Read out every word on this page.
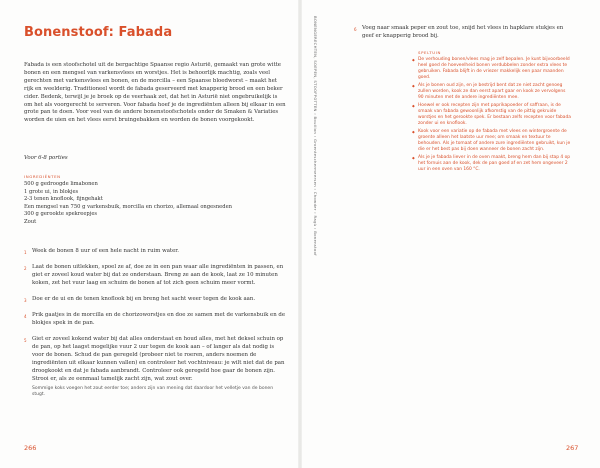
Bonenstoof: Fabada

Fabada is een stoofschotel uit de bergachtige Spaanse regio Asturië, gemaakt van grote witte bonen en een mengsel van varkensvlees en worstjes. Het is behoorlijk machtig, zoals veel gerechten met varkensvlees en bonen, en de morcilla – een Spaanse bloedworst – maakt het rijk en weelderig. Traditioneel wordt de fabada geserveerd met knapperig brood en een beker cider. Bedenk, terwijl je je broek op de veerhaak zet, dat het in Asturië niet ongebruikelijk is om het als voorgerecht te serveren. Voor fabada hoef je de ingrediënten alleen bij elkaar in een grote pan te doen. Voor veel van de andere bonenstoofschotels onder de Smaken & Variaties worden de uien en het vlees eerst bruingebakken en worden de bonen voorgekookt.

Voor 6-8 porties

INGREDIËNTEN
500 g gedroogde limabonen
1 grote ui, in blokjes
2-3 tenen knoflook, fijngehakt
Een mengsel van 750 g varkensbuik, morcilla en chorizo, allemaal ongesneden
300 g gerookte spekreepjes
Zout
1 Week de bonen 8 uur of een hele nacht in ruim water.
2 Laat de bonen uitlekken, spoel ze af, doe ze in een pan waar alle ingrediënten in passen, en giet er zoveel koud water bij dat ze onderstaan. Breng ze aan de kook, laat ze 10 minuten koken, zet het vuur laag en schuim de bonen af tot zich geen schuim meer vormt.
3 Doe er de ui en de tenen knoflook bij en breng het sacht weer tegen de kook aan.
4 Prik gaatjes in de morcilla en de chorizoworstjes en doe ze samen met de varkensbuik en de blokjes spek in de pan.
5 Giet er zoveel kokend water bij dat alles onderstaat en houd alles, met het deksel schuin op de pan, op het laagst mogelijke vuur 2 uur tegen de kook aan – of langer als dat nodig is voor de bonen. Schud de pan geregeld (probeer niet te roeren, anders noemen de ingrediënten uit elkaar kunnen vallen) en controleer het vochtniveau: je wilt niet dat de pan droogkookt en dat je fabada aanbrandt. Controleer ook geregeld hoe gaar de bonen zijn. Strooi er, als ze eenmaal tamelijk zacht zijn, wat zout over.
Sommige koks voegen het zout eerder toe; anders zijn van mening dat daardoor het velletje van de bonen stugt.
266
BONENGERECHTEN, SOEPEN, STOOFPOTTEN › Bouillon › Groenteschermeersen › Chowder › Ragù › Bonenstoof	6 Voeg naar smaak peper en zout toe, snijd het vlees in hapklare stukjes en geef er knapperig brood bij.
SPELTUIN
◆ De verhouding bonen/vlees mag je zelf bepalen. Je kunt bijvoorbeeld heel goed de hoeveelheid bonen verdubbelen zonder extra vlees te gebruiken. Fabada blijft in de vriezer makkelijk een paar maanden goed.
◆ Als je bonen oud zijn, en je bestrijd bent dat ze niet zacht genoeg zullen worden, kook ze dan eerst apart gaar en kook ze vervolgens 90 minuten met de andere ingrediënten mee.
◆ Hoewel er ook recepten zijn met paprikapoeder of saffraan, is de smaak van fabada gewoonlijk afkomstig van de pittig gekruide worstjes en het gerookte spek. Er bestaan zelfs recepten voor fabada zonder ui en knoflook.
◆ Kook voor een variatie op de fabada met vlees en wintergroente de groente alleen het laatste uur mee; om smaak en textuur te behouden. Als je tomaat of andere zure ingrediënten gebruikt, kun je die er het best pas bij doen wanneer de bonen zacht zijn.
◆ Als je je fabada liever in de oven maakt, breng hem dan bij stap 4 op het fornuis aan de kook, dek de pan goed af en zet hem ongeveer 2 uur in een oven van 160 °C.
267
